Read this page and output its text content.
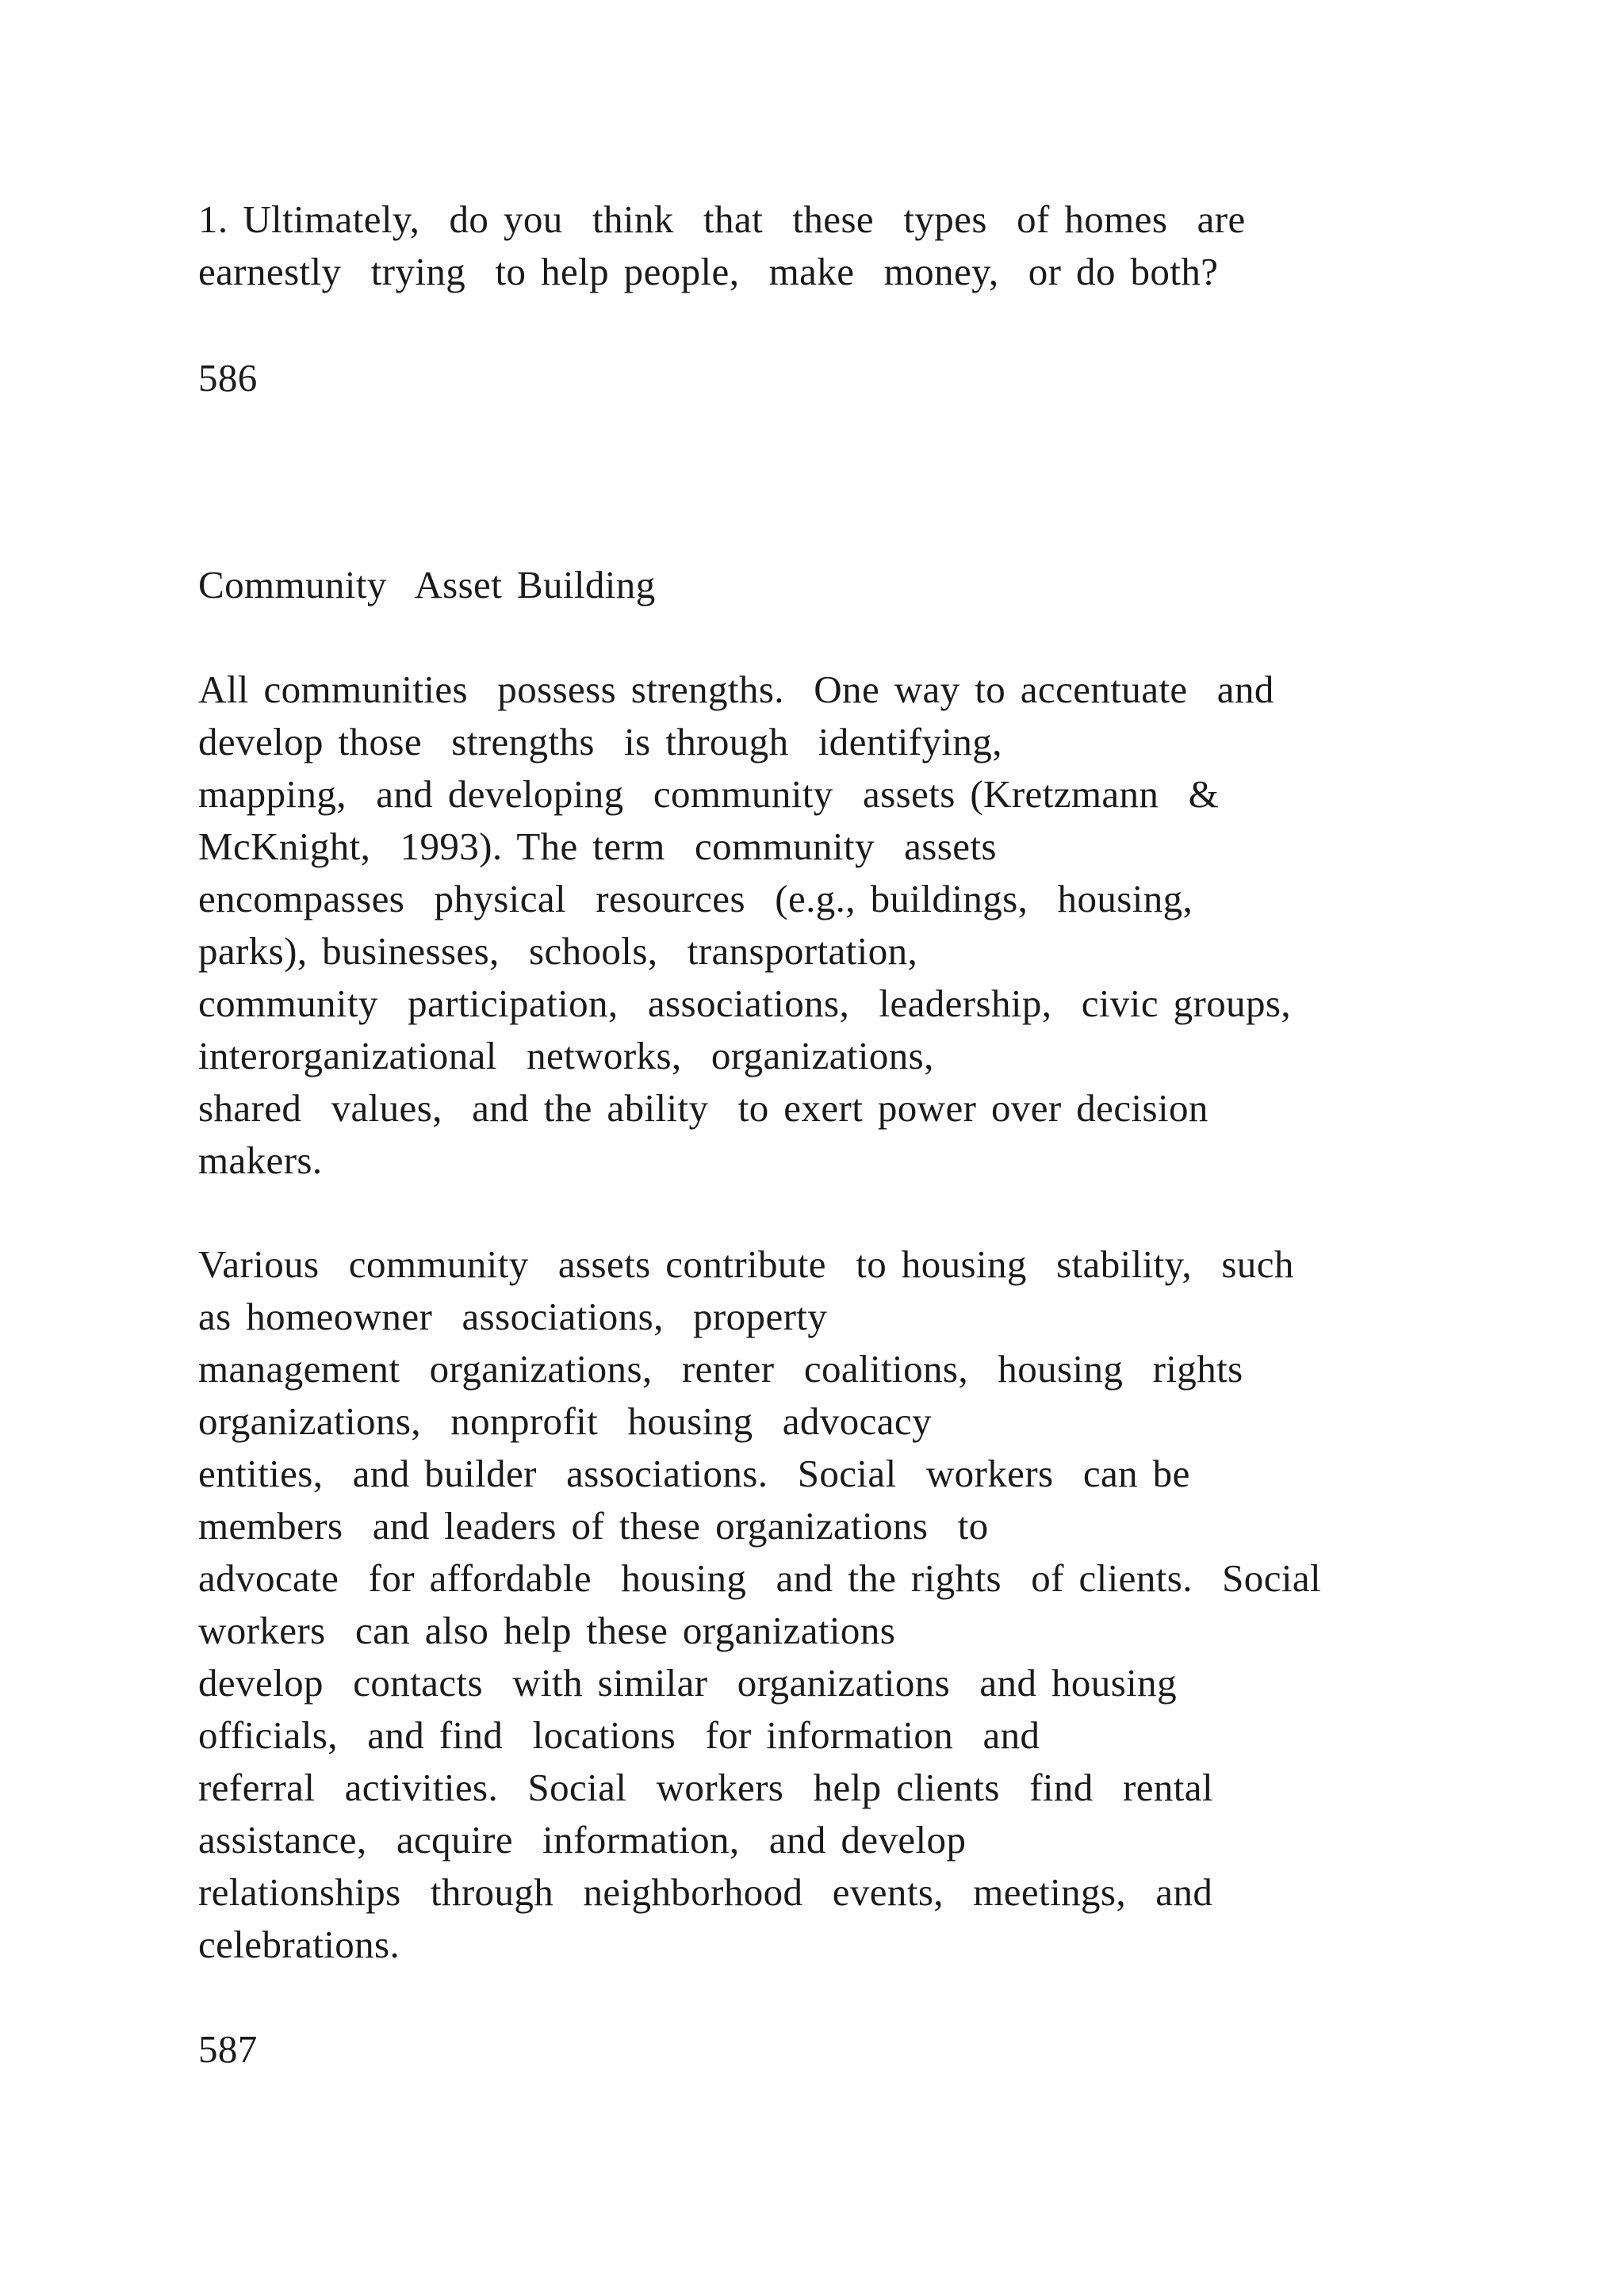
1. Ultimately,  do you  think  that  these  types  of homes  are
earnestly  trying  to help people,  make  money,  or do both?
586
Community  Asset Building
All communities  possess strengths.  One way to accentuate  and
develop those  strengths  is through  identifying,
mapping,  and developing  community  assets (Kretzmann  &
McKnight,  1993). The term  community  assets
encompasses  physical  resources  (e.g., buildings,  housing,
parks), businesses,  schools,  transportation,
community  participation,  associations,  leadership,  civic groups,
interorganizational  networks,  organizations,
shared  values,  and the ability  to exert power over decision
makers.
Various  community  assets contribute  to housing  stability,  such
as homeowner  associations,  property
management  organizations,  renter  coalitions,  housing  rights
organizations,  nonprofit  housing  advocacy
entities,  and builder  associations.  Social  workers  can be
members  and leaders of these organizations  to
advocate  for affordable  housing  and the rights  of clients.  Social
workers  can also help these organizations
develop  contacts  with similar  organizations  and housing
officials,  and find  locations  for information  and
referral  activities.  Social  workers  help clients  find  rental
assistance,  acquire  information,  and develop
relationships  through  neighborhood  events,  meetings,  and
celebrations.
587
